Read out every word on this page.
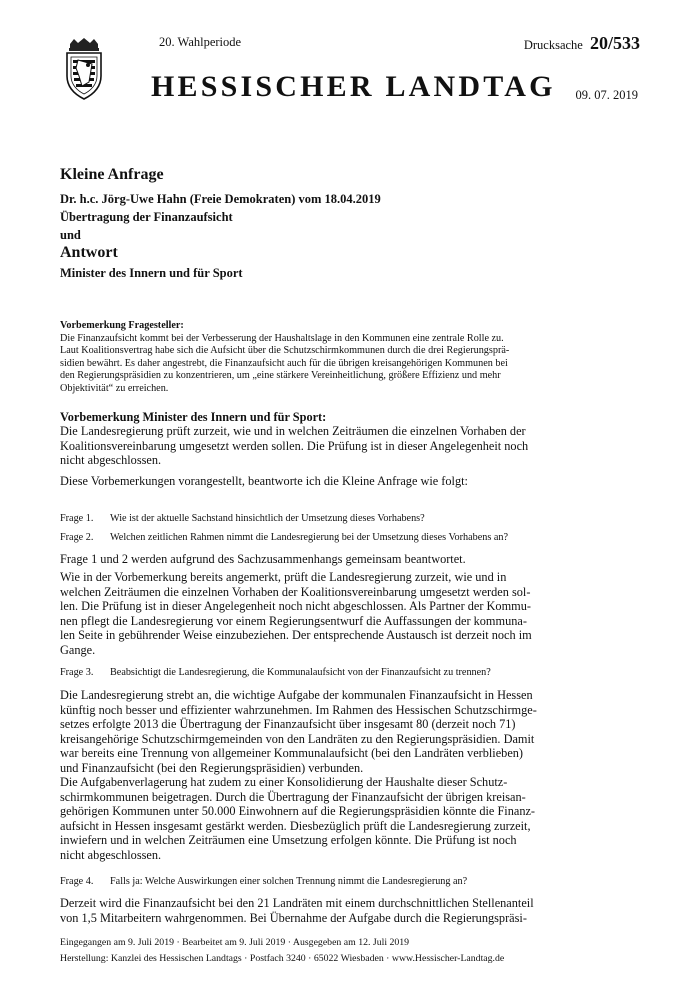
20. Wahlperiode	Drucksache 20/533
HESSISCHER LANDTAG 09. 07. 2019
Kleine Anfrage
Dr. h.c. Jörg-Uwe Hahn (Freie Demokraten) vom 18.04.2019
Übertragung der Finanzaufsicht
und
Antwort
Minister des Innern und für Sport
Vorbemerkung Fragesteller:
Die Finanzaufsicht kommt bei der Verbesserung der Haushaltslage in den Kommunen eine zentrale Rolle zu.
Laut Koalitionsvertrag habe sich die Aufsicht über die Schutzschirmkommunen durch die drei Regierungsprä-
sidien bewährt. Es daher angestrebt, die Finanzaufsicht auch für die übrigen kreisangehörigen Kommunen bei
den Regierungspräsidien zu konzentrieren, um „eine stärkere Vereinheitlichung, größere Effizienz und mehr
Objektivität“ zu erreichen.
Vorbemerkung Minister des Innern und für Sport:
Die Landesregierung prüft zurzeit, wie und in welchen Zeiträumen die einzelnen Vorhaben der
Koalitionsvereinbarung umgesetzt werden sollen. Die Prüfung ist in dieser Angelegenheit noch
nicht abgeschlossen.
Diese Vorbemerkungen vorangestellt, beantworte ich die Kleine Anfrage wie folgt:
Frage 1. Wie ist der aktuelle Sachstand hinsichtlich der Umsetzung dieses Vorhabens?
Frage 2. Welchen zeitlichen Rahmen nimmt die Landesregierung bei der Umsetzung dieses Vorhabens an?
Frage 1 und 2 werden aufgrund des Sachzusammenhangs gemeinsam beantwortet.
Wie in der Vorbemerkung bereits angemerkt, prüft die Landesregierung zurzeit, wie und in
welchen Zeiträumen die einzelnen Vorhaben der Koalitionsvereinbarung umgesetzt werden sol-
len. Die Prüfung ist in dieser Angelegenheit noch nicht abgeschlossen. Als Partner der Kommu-
nen pflegt die Landesregierung vor einem Regierungsentwurf die Auffassungen der kommuna-
len Seite in gebührender Weise einzubeziehen. Der entsprechende Austausch ist derzeit noch im
Gange.
Frage 3. Beabsichtigt die Landesregierung, die Kommunalaufsicht von der Finanzaufsicht zu trennen?
Die Landesregierung strebt an, die wichtige Aufgabe der kommunalen Finanzaufsicht in Hessen
künftig noch besser und effizienter wahrzunehmen. Im Rahmen des Hessischen Schutzschirmge-
setzes erfolgte 2013 die Übertragung der Finanzaufsicht über insgesamt 80 (derzeit noch 71)
kreisangehörige Schutzschirmgemeinden von den Landräten zu den Regierungspräsidien. Damit
war bereits eine Trennung von allgemeiner Kommunalaufsicht (bei den Landräten verblieben)
und Finanzaufsicht (bei den Regierungspräsidien) verbunden.
Die Aufgabenverlagerung hat zudem zu einer Konsolidierung der Haushalte dieser Schutz-
schirmkommunen beigetragen. Durch die Übertragung der Finanzaufsicht der übrigen kreisan-
gehörigen Kommunen unter 50.000 Einwohnern auf die Regierungspräsidien könnte die Finanz-
aufsicht in Hessen insgesamt gestärkt werden. Diesbezüglich prüft die Landesregierung zurzeit,
inwiefern und in welchen Zeiträumen eine Umsetzung erfolgen könnte. Die Prüfung ist noch
nicht abgeschlossen.
Frage 4. Falls ja: Welche Auswirkungen einer solchen Trennung nimmt die Landesregierung an?
Derzeit wird die Finanzaufsicht bei den 21 Landräten mit einem durchschnittlichen Stellenanteil
von 1,5 Mitarbeitern wahrgenommen. Bei Übernahme der Aufgabe durch die Regierungspräsi-
Eingegangen am 9. Juli 2019 · Bearbeitet am 9. Juli 2019 · Ausgegeben am 12. Juli 2019
Herstellung: Kanzlei des Hessischen Landtags · Postfach 3240 · 65022 Wiesbaden · www.Hessischer-Landtag.de
